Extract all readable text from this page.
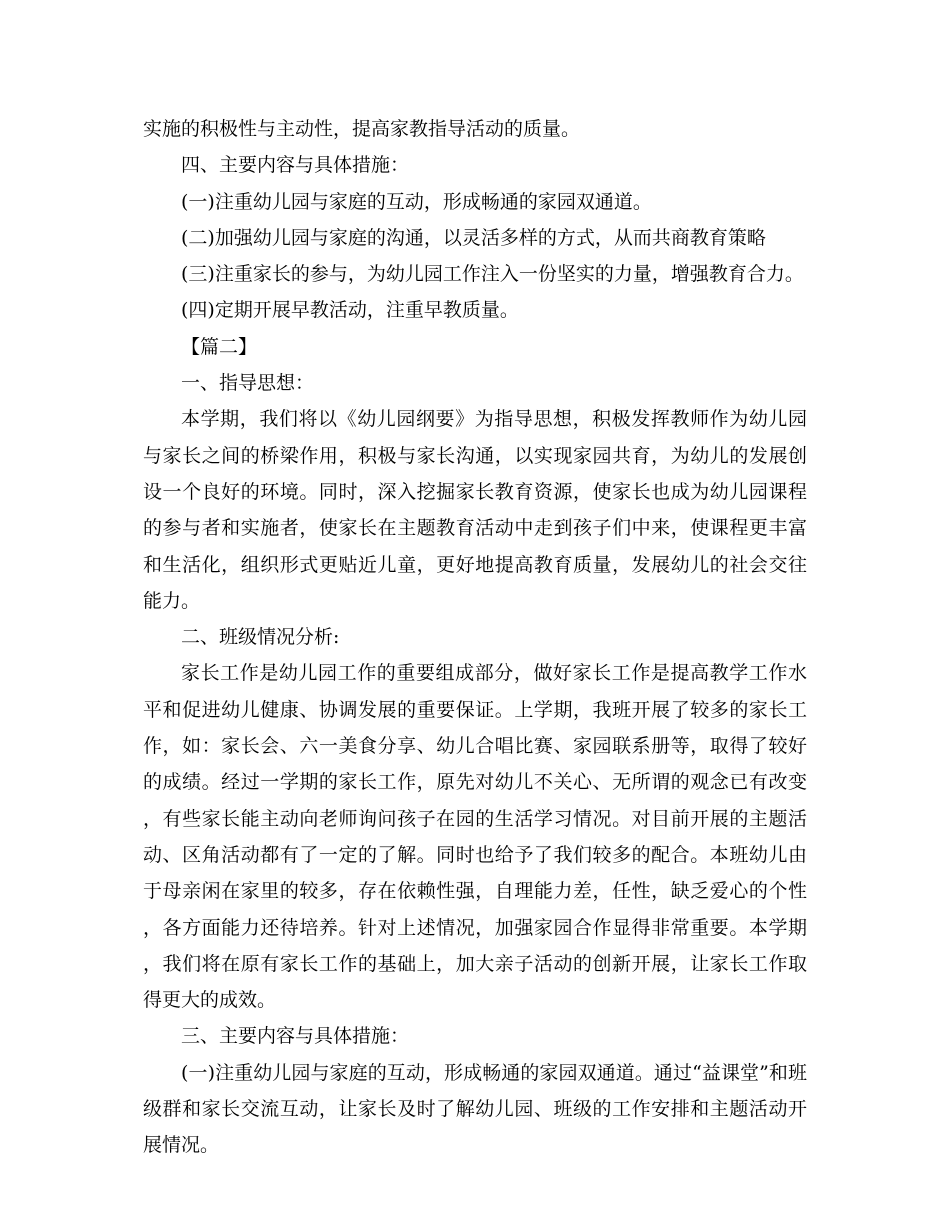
实施的积极性与主动性，提高家教指导活动的质量。

四、主要内容与具体措施：

(一)注重幼儿园与家庭的互动，形成畅通的家园双通道。

(二)加强幼儿园与家庭的沟通，以灵活多样的方式，从而共商教育策略

(三)注重家长的参与，为幼儿园工作注入一份坚实的力量，增强教育合力。

(四)定期开展早教活动，注重早教质量。

【篇二】

一、指导思想：

本学期，我们将以《幼儿园纲要》为指导思想，积极发挥教师作为幼儿园与家长之间的桥梁作用，积极与家长沟通，以实现家园共育，为幼儿的发展创设一个良好的环境。同时，深入挖掘家长教育资源，使家长也成为幼儿园课程的参与者和实施者，使家长在主题教育活动中走到孩子们中来，使课程更丰富和生活化，组织形式更贴近儿童，更好地提高教育质量，发展幼儿的社会交往能力。

二、班级情况分析:

家长工作是幼儿园工作的重要组成部分，做好家长工作是提高教学工作水平和促进幼儿健康、协调发展的重要保证。上学期，我班开展了较多的家长工作，如：家长会、六一美食分享、幼儿合唱比赛、家园联系册等，取得了较好的成绩。经过一学期的家长工作，原先对幼儿不关心、无所谓的观念已有改变，有些家长能主动向老师询问孩子在园的生活学习情况。对目前开展的主题活动、区角活动都有了一定的了解。同时也给予了我们较多的配合。本班幼儿由于母亲闲在家里的较多，存在依赖性强，自理能力差，任性，缺乏爱心的个性，各方面能力还待培养。针对上述情况，加强家园合作显得非常重要。本学期，我们将在原有家长工作的基础上，加大亲子活动的创新开展，让家长工作取得更大的成效。

三、主要内容与具体措施：

(一)注重幼儿园与家庭的互动，形成畅通的家园双通道。通过“益课堂”和班级群和家长交流互动，让家长及时了解幼儿园、班级的工作安排和主题活动开展情况。
